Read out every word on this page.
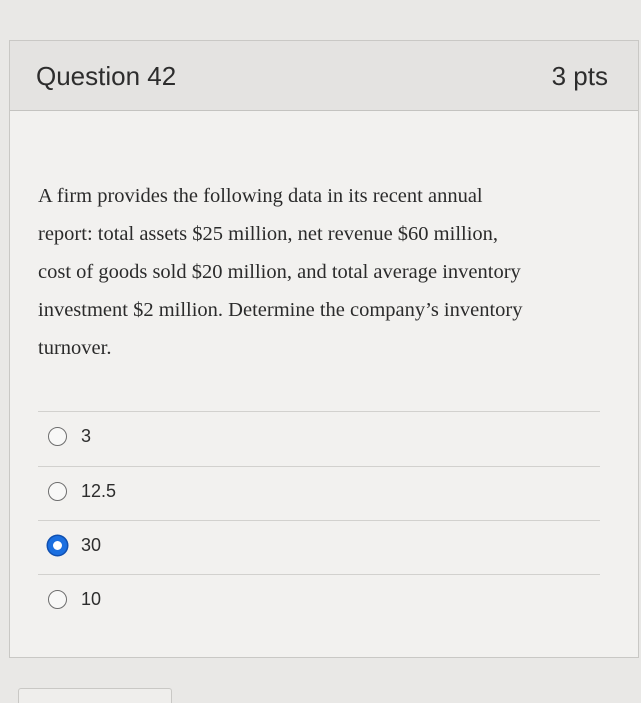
Question 42	3 pts

A firm provides the following data in its recent annual
report: total assets $25 million, net revenue $60 million,
cost of goods sold $20 million, and total average inventory
investment $2 million. Determine the company’s inventory
turnover.

3
12.5
30
10
